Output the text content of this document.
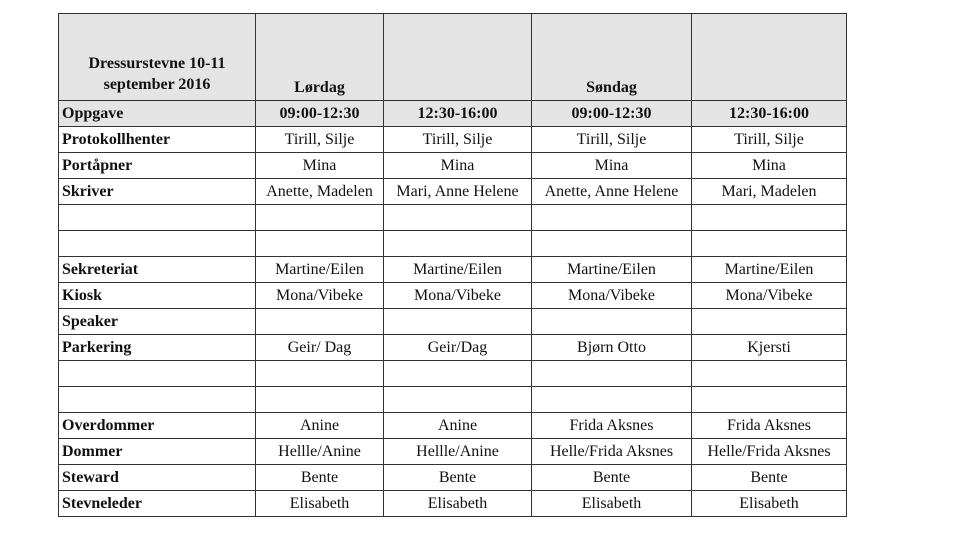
Dressurstevne 10-11
september 2016	Lørdag		Søndag	
Oppgave	09:00-12:30	12:30-16:00	09:00-12:30	12:30-16:00
Protokollhenter	Tirill, Silje	Tirill, Silje	Tirill, Silje	Tirill, Silje
Portåpner	Mina	Mina	Mina	Mina
Skriver	Anette, Madelen	Mari, Anne Helene	Anette, Anne Helene	Mari, Madelen

Sekreteriat	Martine/Eilen	Martine/Eilen	Martine/Eilen	Martine/Eilen
Kiosk	Mona/Vibeke	Mona/Vibeke	Mona/Vibeke	Mona/Vibeke
Speaker				
Parkering	Geir/ Dag	Geir/Dag	Bjørn Otto	Kjersti

Overdommer	Anine	Anine	Frida Aksnes	Frida Aksnes
Dommer	Hellle/Anine	Hellle/Anine	Helle/Frida Aksnes	Helle/Frida Aksnes
Steward	Bente	Bente	Bente	Bente
Stevneleder	Elisabeth	Elisabeth	Elisabeth	Elisabeth
